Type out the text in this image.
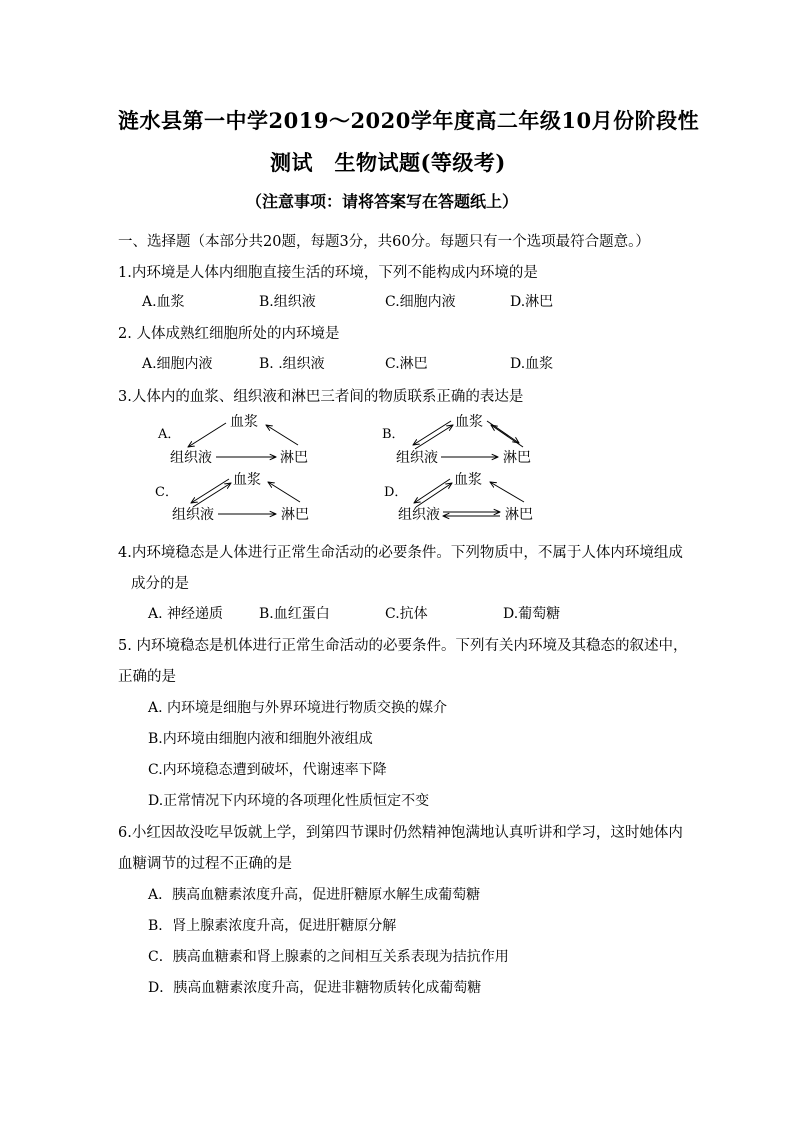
涟水县第一中学2019～2020学年度高二年级10月份阶段性
测试　生物试题(等级考)
（注意事项：请将答案写在答题纸上）
一、选择题（本部分共20题，每题3分，共60分。每题只有一个选项最符合题意。）
1.内环境是人体内细胞直接生活的环境，下列不能构成内环境的是
A.血浆	B.组织液	C.细胞内液	D.淋巴
2. 人体成熟红细胞所处的内环境是
A.细胞内液	B. .组织液	C.淋巴	D.血浆
3.人体内的血浆、组织液和淋巴三者间的物质联系正确的表达是
A．
血浆
组织液	淋巴
B．
血浆
组织液	淋巴
C．
血浆
组织液	淋巴
D．
血浆
组织液	淋巴
4.内环境稳态是人体进行正常生命活动的必要条件。下列物质中，不属于人体内环境组成
成分的是
A. 神经递质	B.血红蛋白	C.抗体	D.葡萄糖
5. 内环境稳态是机体进行正常生命活动的必要条件。下列有关内环境及其稳态的叙述中，
正确的是
A. 内环境是细胞与外界环境进行物质交换的媒介
B.内环境由细胞内液和细胞外液组成
C.内环境稳态遭到破坏，代谢速率下降
D.正常情况下内环境的各项理化性质恒定不变
6.小红因故没吃早饭就上学，到第四节课时仍然精神饱满地认真听讲和学习，这时她体内
血糖调节的过程不正确的是
A．胰高血糖素浓度升高，促进肝糖原水解生成葡萄糖
B．肾上腺素浓度升高，促进肝糖原分解
C．胰高血糖素和肾上腺素的之间相互关系表现为拮抗作用
D．胰高血糖素浓度升高，促进非糖物质转化成葡萄糖
